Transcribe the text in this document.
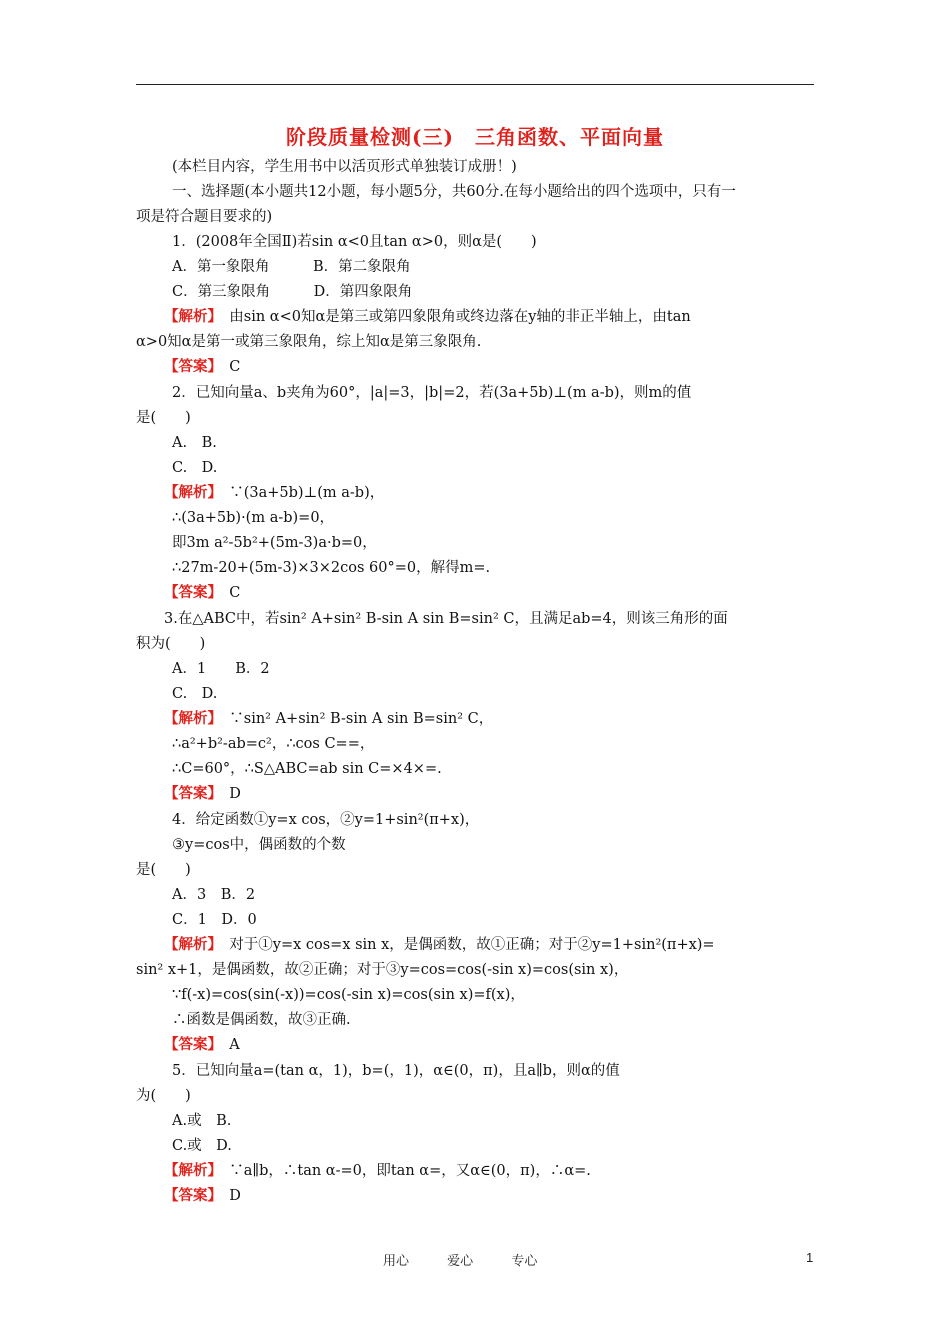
阶段质量检测(三)　三角函数、平面向量
(本栏目内容，学生用书中以活页形式单独装订成册！)
一、选择题(本小题共12小题，每小题5分，共60分.在每小题给出的四个选项中，只有一
项是符合题目要求的)
1．(2008年全国Ⅱ)若sin α<0且tan α>0，则α是(　　)
A．第一象限角　　　B．第二象限角
C．第三象限角　　　D．第四象限角
【解析】　由sin α<0知α是第三或第四象限角或终边落在y轴的非正半轴上，由tan
α>0知α是第一或第三象限角，综上知α是第三象限角.
【答案】　C
2．已知向量a、b夹角为60°，|a|=3，|b|=2，若(3a+5b)⊥(m a-b)，则m的值
是(　　)
A.　B.
C.　D.
【解析】　∵(3a+5b)⊥(m a-b)，
∴(3a+5b)·(m a-b)=0，
即3m a²-5b²+(5m-3)a·b=0，
∴27m-20+(5m-3)×3×2cos 60°=0，解得m=.
【答案】　C
3.在△ABC中，若sin² A+sin² B-sin A sin B=sin² C，且满足ab=4，则该三角形的面
积为(　　)
A．1　　B．2
C.　D.
【解析】　∵sin² A+sin² B-sin A sin B=sin² C，
∴a²+b²-ab=c²，∴cos C==，
∴C=60°，∴S△ABC=ab sin C=×4×=.
【答案】　D
4．给定函数①y=x cos，②y=1+sin²(π+x)，
③y=cos中，偶函数的个数
是(　　)
A．3　B．2
C．1　D．0
【解析】　对于①y=x cos=x sin x，是偶函数，故①正确；对于②y=1+sin²(π+x)=
sin² x+1，是偶函数，故②正确；对于③y=cos=cos(-sin x)=cos(sin x)，
∵f(-x)=cos(sin(-x))=cos(-sin x)=cos(sin x)=f(x)，
∴函数是偶函数，故③正确.
【答案】　A
5．已知向量a=(tan α，1)，b=(，1)，α∈(0，π)，且a∥b，则α的值
为(　　)
A.或　B.
C.或　D.
【解析】　∵a∥b，∴tan α-=0，即tan α=，又α∈(0，π)，∴α=.
【答案】　D
用心	爱心	专心	1
